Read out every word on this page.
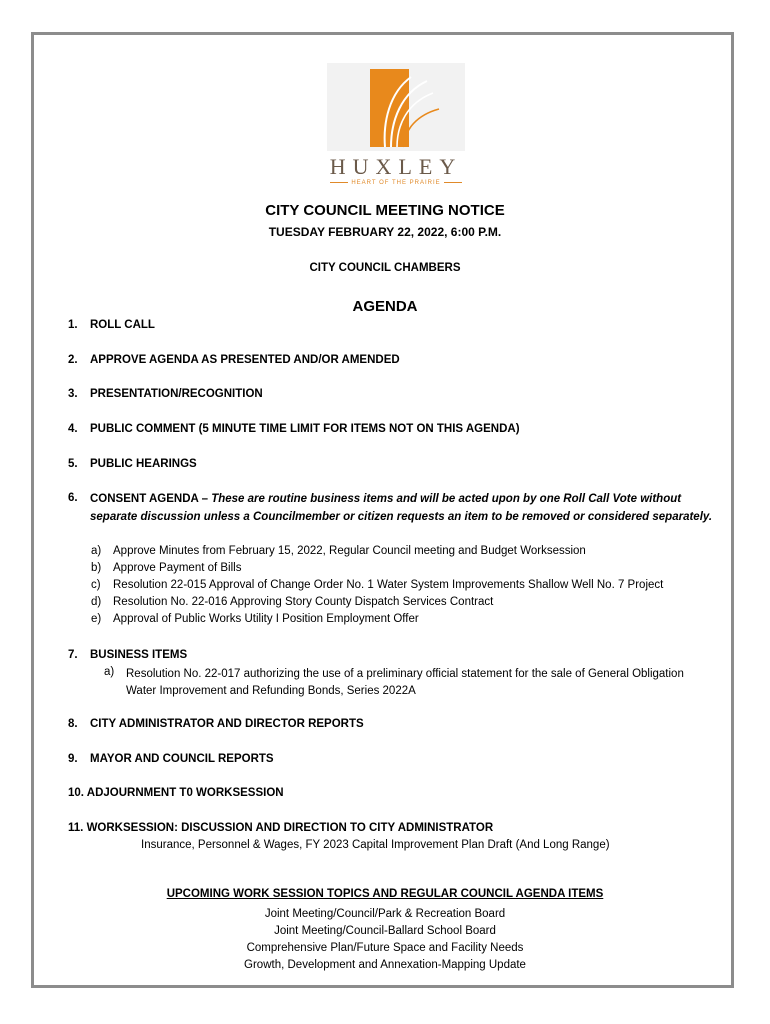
HUXLEY
HEART OF THE PRAIRIE
CITY COUNCIL MEETING NOTICE
TUESDAY FEBRUARY 22, 2022, 6:00 P.M.
CITY COUNCIL CHAMBERS
AGENDA
1. ROLL CALL
2. APPROVE AGENDA AS PRESENTED AND/OR AMENDED
3. PRESENTATION/RECOGNITION
4. PUBLIC COMMENT (5 MINUTE TIME LIMIT FOR ITEMS NOT ON THIS AGENDA)
5. PUBLIC HEARINGS
6.	CONSENT AGENDA – These are routine business items and will be acted upon by one Roll Call Vote without separate discussion unless a Councilmember or citizen requests an item to be removed or considered separately.
a) Approve Minutes from February 15, 2022, Regular Council meeting and Budget Worksession
b) Approve Payment of Bills
c) Resolution 22-015 Approval of Change Order No. 1 Water System Improvements Shallow Well No. 7 Project
d) Resolution No. 22-016 Approving Story County Dispatch Services Contract
e) Approval of Public Works Utility I Position Employment Offer
7. BUSINESS ITEMS
a)	Resolution No. 22-017 authorizing the use of a preliminary official statement for the sale of General Obligation Water Improvement and Refunding Bonds, Series 2022A
8. CITY ADMINISTRATOR AND DIRECTOR REPORTS
9. MAYOR AND COUNCIL REPORTS
10. ADJOURNMENT T0 WORKSESSION
11. WORKSESSION: DISCUSSION AND DIRECTION TO CITY ADMINISTRATOR
Insurance, Personnel & Wages, FY 2023 Capital Improvement Plan Draft (And Long Range)
UPCOMING WORK SESSION TOPICS AND REGULAR COUNCIL AGENDA ITEMS
Joint Meeting/Council/Park & Recreation Board
Joint Meeting/Council-Ballard School Board
Comprehensive Plan/Future Space and Facility Needs
Growth, Development and Annexation-Mapping Update
